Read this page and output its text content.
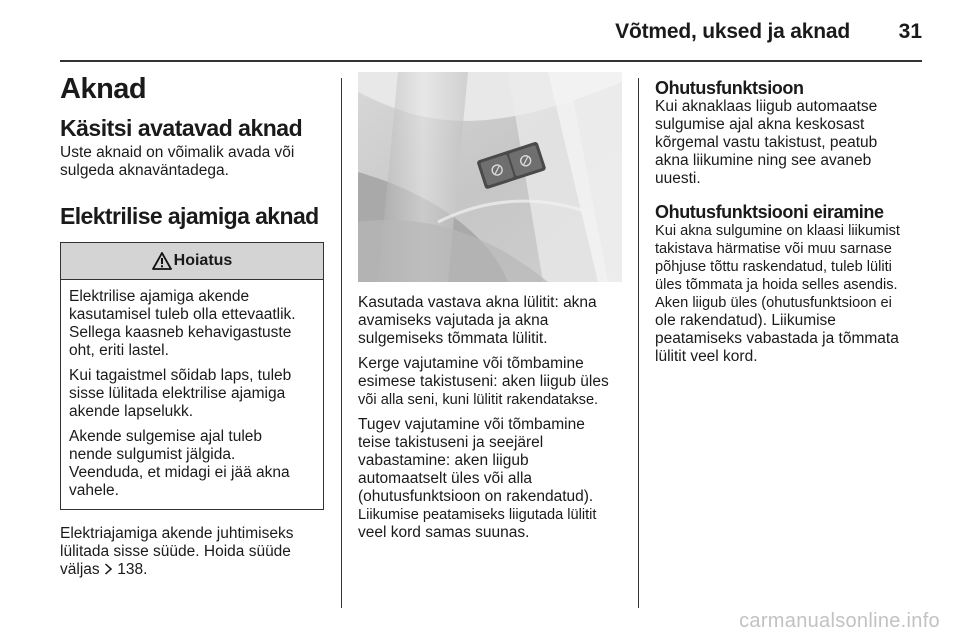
Võtmed, uksed ja aknad	31
Aknad
Käsitsi avatavad aknad

Uste aknaid on võimalik avada või
sulgeda aknaväntadega.

Elektrilise ajamiga aknad
Hoiatus

Elektrilise ajamiga akende
kasutamisel tuleb olla ettevaatlik.
Sellega kaasneb kehavigastuste
oht, eriti lastel.

Kui tagaistmel sõidab laps, tuleb
sisse lülitada elektrilise ajamiga
akende lapselukk.

Akende sulgemise ajal tuleb
nende sulgumist jälgida.
Veenduda, et midagi ei jää akna
vahele.

Elektriajamiga akende juhtimiseks
lülitada sisse süüde. Hoida süüde
väljas  138.

Kasutada vastava akna lülitit: akna
avamiseks vajutada ja akna
sulgemiseks tõmmata lülitit.

Kerge vajutamine või tõmbamine
esimese takistuseni: aken liigub üles
või alla seni, kuni lülitit rakendatakse.

Tugev vajutamine või tõmbamine
teise takistuseni ja seejärel
vabastamine: aken liigub
automaatselt üles või alla
(ohutusfunktsioon on rakendatud).
Liikumise peatamiseks liigutada lülitit
veel kord samas suunas.

Ohutusfunktsioon

Kui aknaklaas liigub automaatse
sulgumise ajal akna keskosast
kõrgemal vastu takistust, peatub
akna liikumine ning see avaneb
uuesti.

Ohutusfunktsiooni eiramine

Kui akna sulgumine on klaasi liikumist
takistava härmatise või muu sarnase
põhjuse tõttu raskendatud, tuleb lüliti
üles tõmmata ja hoida selles asendis.
Aken liigub üles (ohutusfunktsioon ei
ole rakendatud). Liikumise
peatamiseks vabastada ja tõmmata
lülitit veel kord.

carmanualsonline.info
